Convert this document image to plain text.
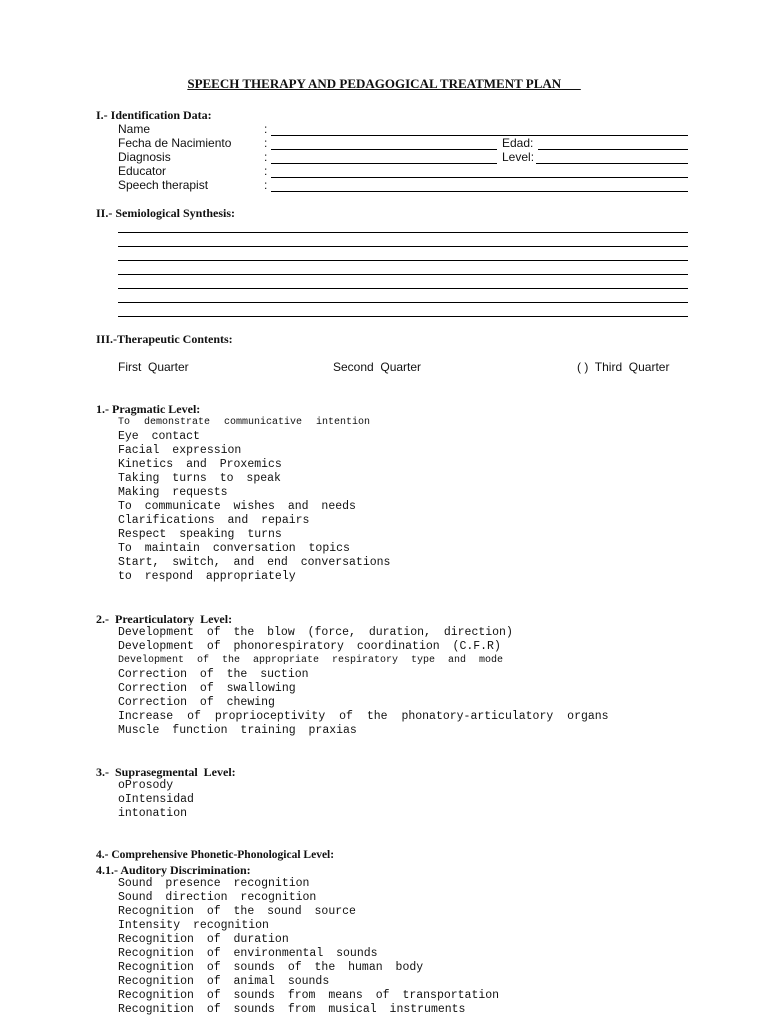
SPEECH THERAPY AND PEDAGOGICAL TREATMENT PLAN___
I.- Identification Data:
Name	:
Fecha de Nacimiento	:	Edad:
Diagnosis	:	Level:
Educator	:
Speech therapist	:
II.- Semiological Synthesis:
III.-Therapeutic Contents:
First  Quarter	Second  Quarter	( )  Third  Quarter
1.- Pragmatic Level:
To demonstrate communicative intention
Eye contact
Facial expression
Kinetics and Proxemics
Taking turns to speak
Making requests
To communicate wishes and needs
Clarifications and repairs
Respect speaking turns
To maintain conversation topics
Start, switch, and end conversations
to respond appropriately
2.-  Prearticulatory  Level:
Development of the blow (force, duration, direction)
Development of phonorespiratory coordination (C.F.R)
Development of the appropriate respiratory type and mode
Correction of the suction
Correction of swallowing
Correction of chewing
Increase of proprioceptivity of the phonatory-articulatory organs
Muscle function training praxias
3.-  Suprasegmental  Level:
oProsody
oIntensidad
intonation
4.- Comprehensive Phonetic-Phonological Level:
4.1.- Auditory Discrimination:
Sound presence recognition
Sound direction recognition
Recognition of the sound source
Intensity recognition
Recognition of duration
Recognition of environmental sounds
Recognition of sounds of the human body
Recognition of animal sounds
Recognition of sounds from means of transportation
Recognition of sounds from musical instruments
